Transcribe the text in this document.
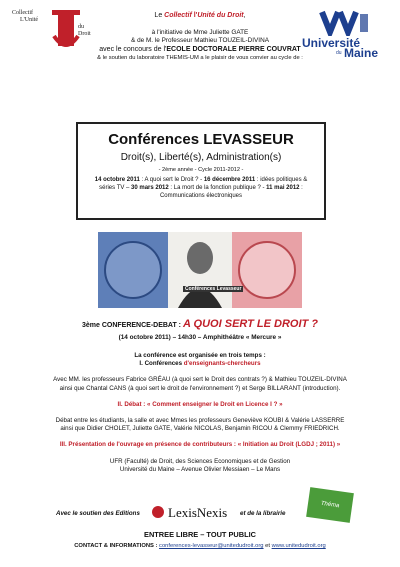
Collectif
L'Unité
du
Droit
Université
du Maine
Le Collectif l'Unité du Droit,
à l'initiative de Mme Juliette GATE
& de M. le Professeur Mathieu TOUZEIL-DIVINA
avec le concours de l'ECOLE DOCTORALE PIERRE COUVRAT
& le soutien du laboratoire THEMIS-UM a le plaisir de vous convier au cycle de :
Conférences LEVASSEUR
Droit(s), Liberté(s), Administration(s)
- 2ème année - Cycle 2011-2012 -
14 octobre 2011 : A quoi sert le Droit ? - 16 décembre 2011 : idées politiques & séries TV – 30 mars 2012 : La mort de la fonction publique ? - 11 mai 2012 : Communications électroniques
Conférences Levasseur
3ème CONFERENCE-DEBAT : A QUOI SERT LE DROIT ?
(14 octobre 2011) – 14h30 – Amphithéâtre « Mercure »
La conférence est organisée en trois temps :
I. Conférences d'enseignants-chercheurs
Avec MM. les professeurs Fabrice GRÉAU (à quoi sert le Droit des contrats ?) & Mathieu TOUZEIL-DIVINA
ainsi que Chantal CANS (à quoi sert le droit de l'environnement ?) et Serge BILLARANT (introduction).
II. Débat : « Comment enseigner le Droit en Licence I ? »
Débat entre les étudiants, la salle et avec Mmes les professeurs Geneviève KOUBI & Valérie LASSERRE
ainsi que Didier CHOLET, Juliette GATE, Valérie NICOLAS, Benjamin RICOU & Clemmy FRIEDRICH.
III. Présentation de l'ouvrage en présence de contributeurs : « Initiation au Droit (LGDJ ; 2011) »
UFR (Faculté) de Droit, des Sciences Economiques et de Gestion
Université du Maine – Avenue Olivier Messiaen – Le Mans
Avec le soutien des Editions LexisNexis et de la librairie
Théma
ENTREE LIBRE – TOUT PUBLIC
CONTACT & INFORMATIONS : conferences-levasseur@unitedudroit.org et www.unitedudroit.org
